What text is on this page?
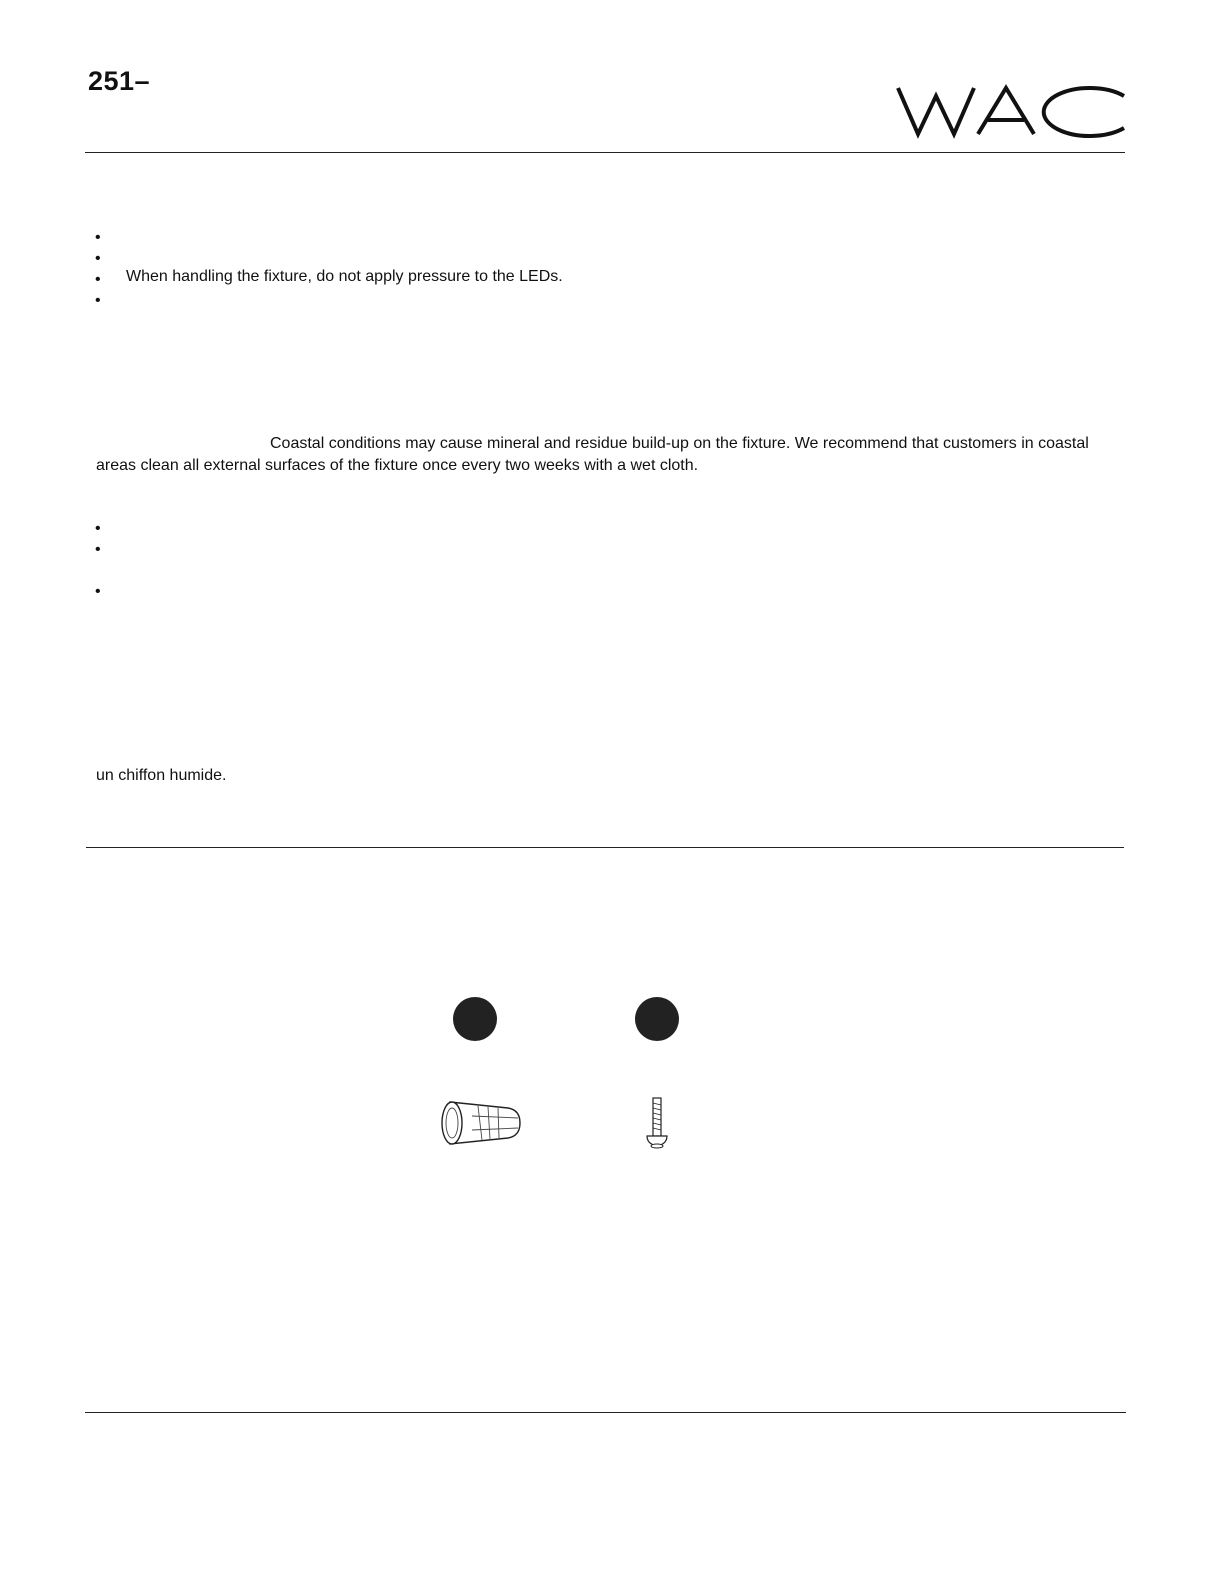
251–
•
•
•
•
When handling the fixture, do not apply pressure to the LEDs.
Coastal conditions may cause mineral and residue build-up on the fixture. We recommend that customers in coastal areas clean all external surfaces of the fixture once every two weeks with a wet cloth.
•
•
•
un chiffon humide.
